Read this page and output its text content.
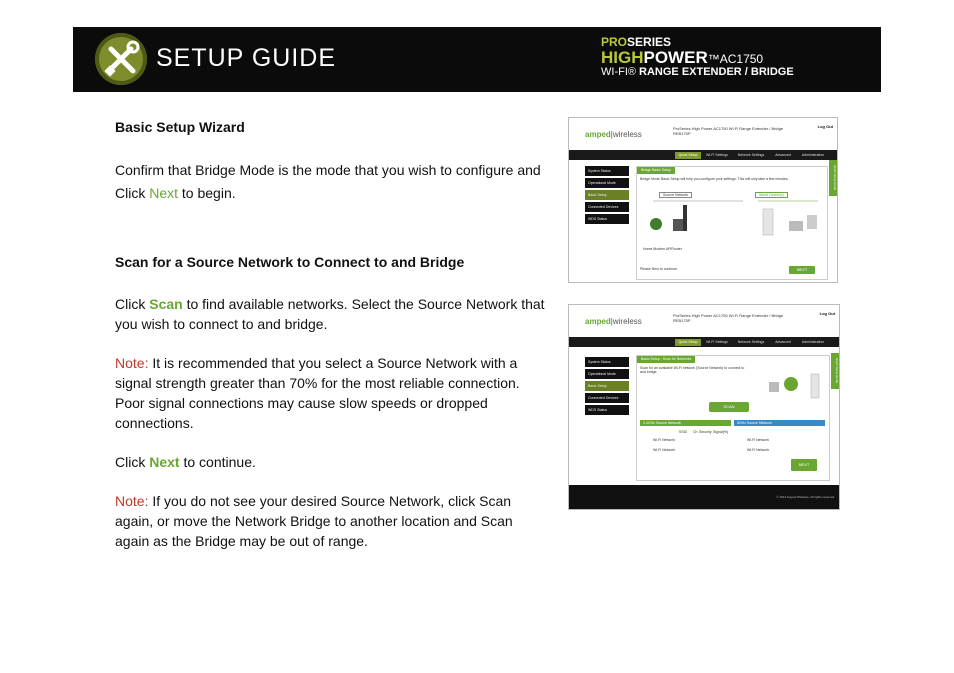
SETUP GUIDE
PROSERIES
HIGHPOWER™AC1750
WI-FI® RANGE EXTENDER / BRIDGE

Basic Setup Wizard

Confirm that Bridge Mode is the mode that you wish to configure and Click Next to begin.

Scan for a Source Network to Connect to and Bridge

Click Scan to find available networks. Select the Source Network that you wish to connect to and bridge.

Note: It is recommended that you select a Source Network with a signal strength greater than 70% for the most reliable connection. Poor signal connections may cause slow speeds or dropped connections.

Click Next to continue.

Note: If you do not see your desired Source Network, click Scan again, or move the Network Bridge to another location and Scan again as the Bridge may be out of range.

amped|wireless
ProSeries High Power AC1750 Wi-Fi Range Extender / Bridge
REB175P
Log Out
Quick Setup	Wi-Fi Settings	Network Settings	Advanced	Administration
System Status
Operational Mode
Basic Setup
Connected Devices
WDS Status
Bridge Basic Setup
Bridge Mode Basic Setup will help you configure your settings. This will only take a few minutes.
Source Network	Wired Device(s)
Home Modem AP/Router
Please Next to continue.	NEXT
Quick Setup Guide
amped|wireless
ProSeries High Power AC1750 Wi-Fi Range Extender / Bridge
REB175P
Log Out
Quick Setup	Wi-Fi Settings	Network Settings	Advanced	Administration
System Status
Operational Mode
Basic Setup
Connected Devices
WDS Status
Basic Setup - Scan for Networks
Scan for an available Wi-Fi network (Source Network) to connect to and bridge.
SCAN
2.4GHz Source Network	5GHz Source Network
SSID Ch Security Signal(%)
Wi-Fi Network
Wi-Fi Network
Wi-Fi Network
Wi-Fi Network
NEXT
Quick Setup Guide
© 2014 Amped Wireless. All rights reserved.
